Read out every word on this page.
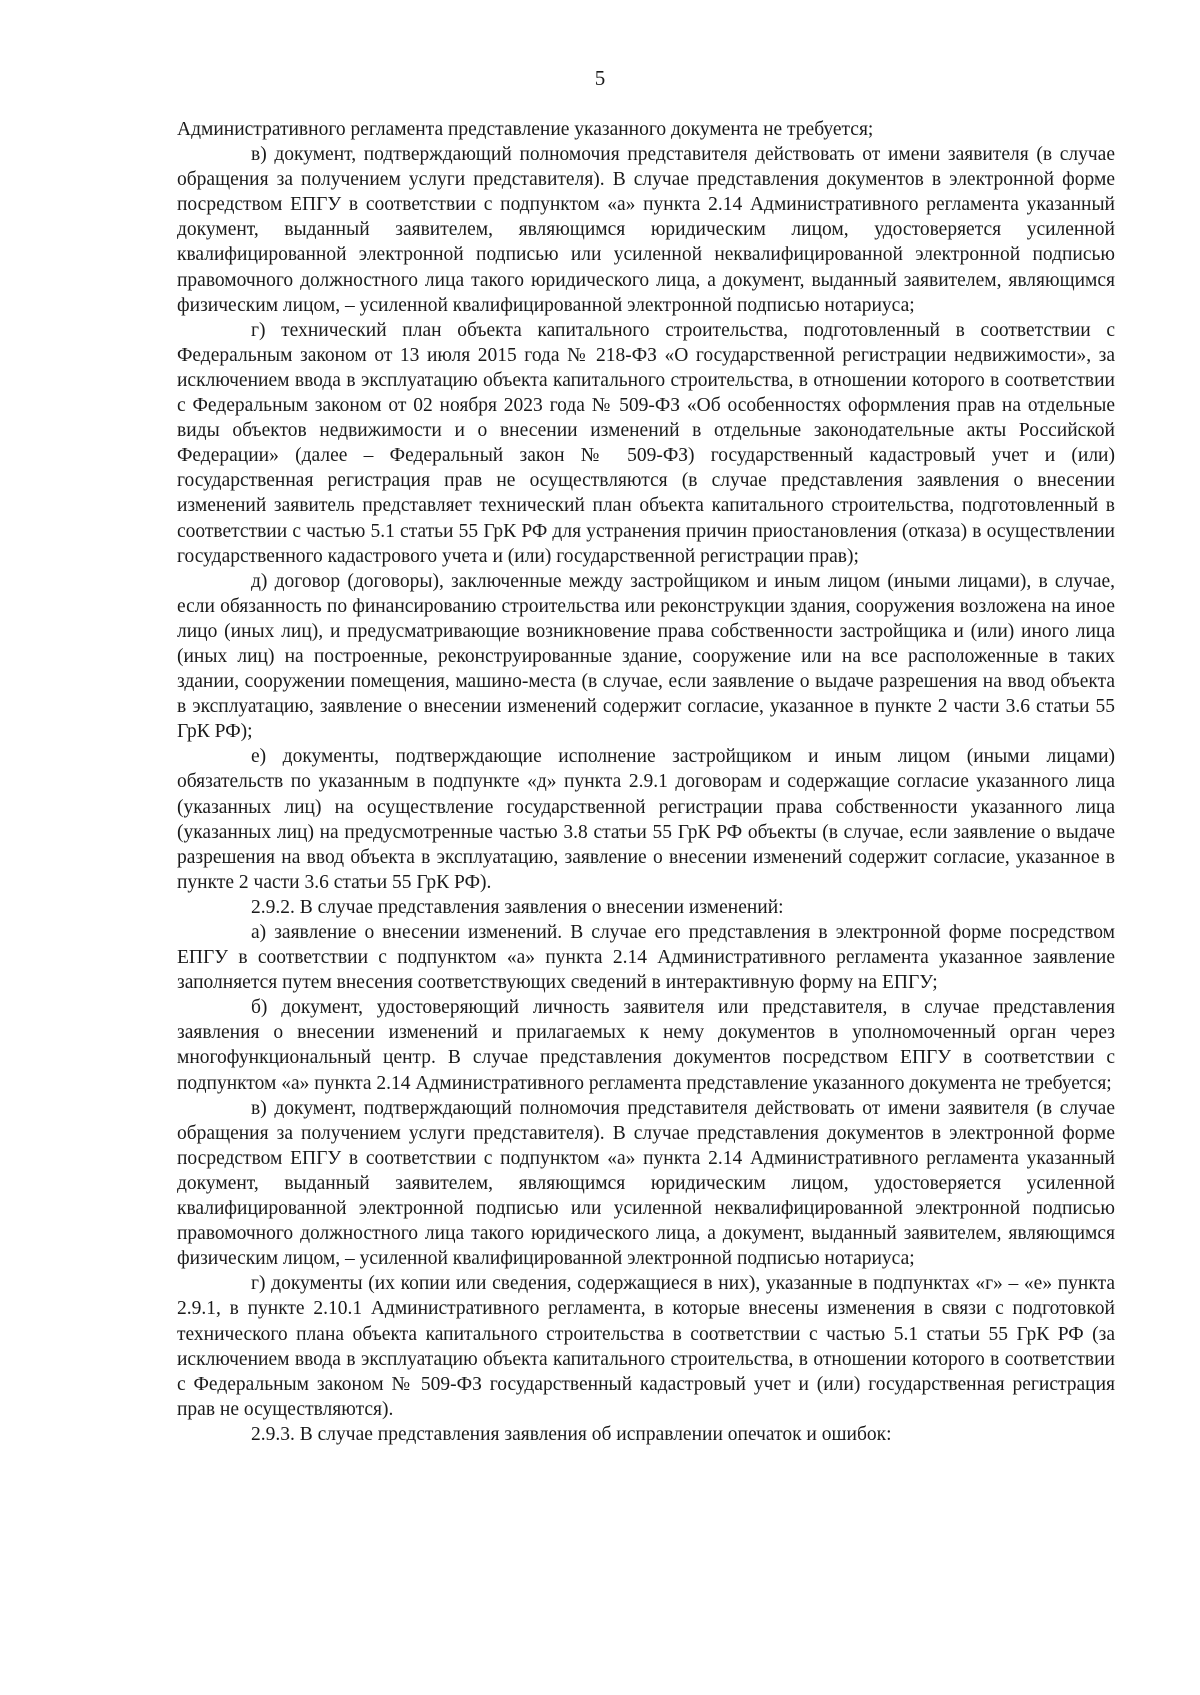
5

Административного регламента представление указанного документа не требуется;

в) документ, подтверждающий полномочия представителя действовать от имени заявителя (в случае обращения за получением услуги представителя). В случае представления документов в электронной форме посредством ЕПГУ в соответствии с подпунктом «а» пункта 2.14 Административного регламента указанный документ, выданный заявителем, являющимся юридическим лицом, удостоверяется усиленной квалифицированной электронной подписью или усиленной неквалифицированной электронной подписью правомочного должностного лица такого юридического лица, а документ, выданный заявителем, являющимся физическим лицом, – усиленной квалифицированной электронной подписью нотариуса;

г) технический план объекта капитального строительства, подготовленный в соответствии с Федеральным законом от 13 июля 2015 года № 218-ФЗ «О государственной регистрации недвижимости», за исключением ввода в эксплуатацию объекта капитального строительства, в отношении которого в соответствии с Федеральным законом от 02 ноября 2023 года № 509-ФЗ «Об особенностях оформления прав на отдельные виды объектов недвижимости и о внесении изменений в отдельные законодательные акты Российской Федерации» (далее – Федеральный закон № 509-ФЗ) государственный кадастровый учет и (или) государственная регистрация прав не осуществляются (в случае представления заявления о внесении изменений заявитель представляет технический план объекта капитального строительства, подготовленный в соответствии с частью 5.1 статьи 55 ГрК РФ для устранения причин приостановления (отказа) в осуществлении государственного кадастрового учета и (или) государственной регистрации прав);

д) договор (договоры), заключенные между застройщиком и иным лицом (иными лицами), в случае, если обязанность по финансированию строительства или реконструкции здания, сооружения возложена на иное лицо (иных лиц), и предусматривающие возникновение права собственности застройщика и (или) иного лица (иных лиц) на построенные, реконструированные здание, сооружение или на все расположенные в таких здании, сооружении помещения, машино-места (в случае, если заявление о выдаче разрешения на ввод объекта в эксплуатацию, заявление о внесении изменений содержит согласие, указанное в пункте 2 части 3.6 статьи 55 ГрК РФ);

е) документы, подтверждающие исполнение застройщиком и иным лицом (иными лицами) обязательств по указанным в подпункте «д» пункта 2.9.1 договорам и содержащие согласие указанного лица (указанных лиц) на осуществление государственной регистрации права собственности указанного лица (указанных лиц) на предусмотренные частью 3.8 статьи 55 ГрК РФ объекты (в случае, если заявление о выдаче разрешения на ввод объекта в эксплуатацию, заявление о внесении изменений содержит согласие, указанное в пункте 2 части 3.6 статьи 55 ГрК РФ).

2.9.2. В случае представления заявления о внесении изменений:

а) заявление о внесении изменений. В случае его представления в электронной форме посредством ЕПГУ в соответствии с подпунктом «а» пункта 2.14 Административного регламента указанное заявление заполняется путем внесения соответствующих сведений в интерактивную форму на ЕПГУ;

б) документ, удостоверяющий личность заявителя или представителя, в случае представления заявления о внесении изменений и прилагаемых к нему документов в уполномоченный орган через многофункциональный центр. В случае представления документов посредством ЕПГУ в соответствии с подпунктом «а» пункта 2.14 Административного регламента представление указанного документа не требуется;

в) документ, подтверждающий полномочия представителя действовать от имени заявителя (в случае обращения за получением услуги представителя). В случае представления документов в электронной форме посредством ЕПГУ в соответствии с подпунктом «а» пункта 2.14 Административного регламента указанный документ, выданный заявителем, являющимся юридическим лицом, удостоверяется усиленной квалифицированной электронной подписью или усиленной неквалифицированной электронной подписью правомочного должностного лица такого юридического лица, а документ, выданный заявителем, являющимся физическим лицом, – усиленной квалифицированной электронной подписью нотариуса;

г) документы (их копии или сведения, содержащиеся в них), указанные в подпунктах «г» – «е» пункта 2.9.1, в пункте 2.10.1 Административного регламента, в которые внесены изменения в связи с подготовкой технического плана объекта капитального строительства в соответствии с частью 5.1 статьи 55 ГрК РФ (за исключением ввода в эксплуатацию объекта капитального строительства, в отношении которого в соответствии с Федеральным законом № 509-ФЗ государственный кадастровый учет и (или) государственная регистрация прав не осуществляются).

2.9.3. В случае представления заявления об исправлении опечаток и ошибок:
